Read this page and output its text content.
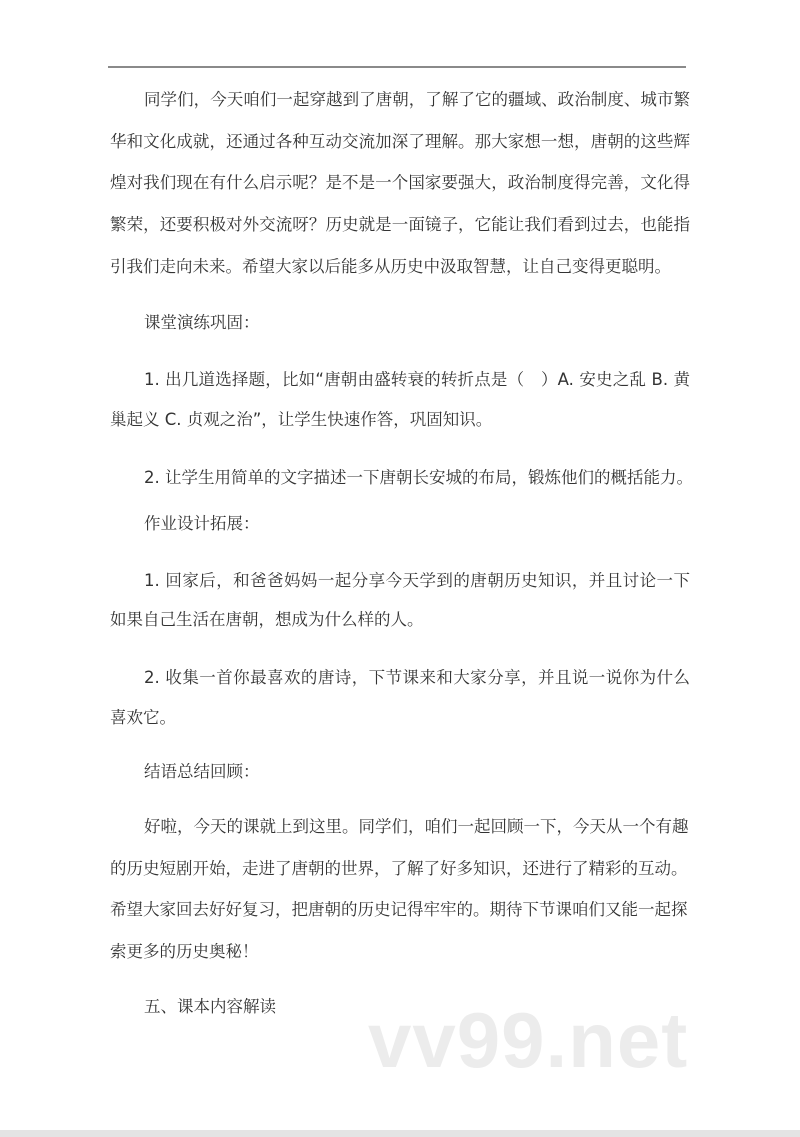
同学们，今天咱们一起穿越到了唐朝，了解了它的疆域、政治制度、城市繁
华和文化成就，还通过各种互动交流加深了理解。那大家想一想，唐朝的这些辉
煌对我们现在有什么启示呢？是不是一个国家要强大，政治制度得完善，文化得
繁荣，还要积极对外交流呀？历史就是一面镜子，它能让我们看到过去，也能指
引我们走向未来。希望大家以后能多从历史中汲取智慧，让自己变得更聪明。
课堂演练巩固：
1. 出几道选择题，比如“唐朝由盛转衰的转折点是（　）A. 安史之乱 B. 黄
巢起义 C. 贞观之治”，让学生快速作答，巩固知识。
2. 让学生用简单的文字描述一下唐朝长安城的布局，锻炼他们的概括能力。
作业设计拓展：
1. 回家后，和爸爸妈妈一起分享今天学到的唐朝历史知识，并且讨论一下
如果自己生活在唐朝，想成为什么样的人。
2. 收集一首你最喜欢的唐诗，下节课来和大家分享，并且说一说你为什么
喜欢它。
结语总结回顾：
好啦，今天的课就上到这里。同学们，咱们一起回顾一下，今天从一个有趣
的历史短剧开始，走进了唐朝的世界，了解了好多知识，还进行了精彩的互动。
希望大家回去好好复习，把唐朝的历史记得牢牢的。期待下节课咱们又能一起探
索更多的历史奥秘！
五、课本内容解读	vv99.net
